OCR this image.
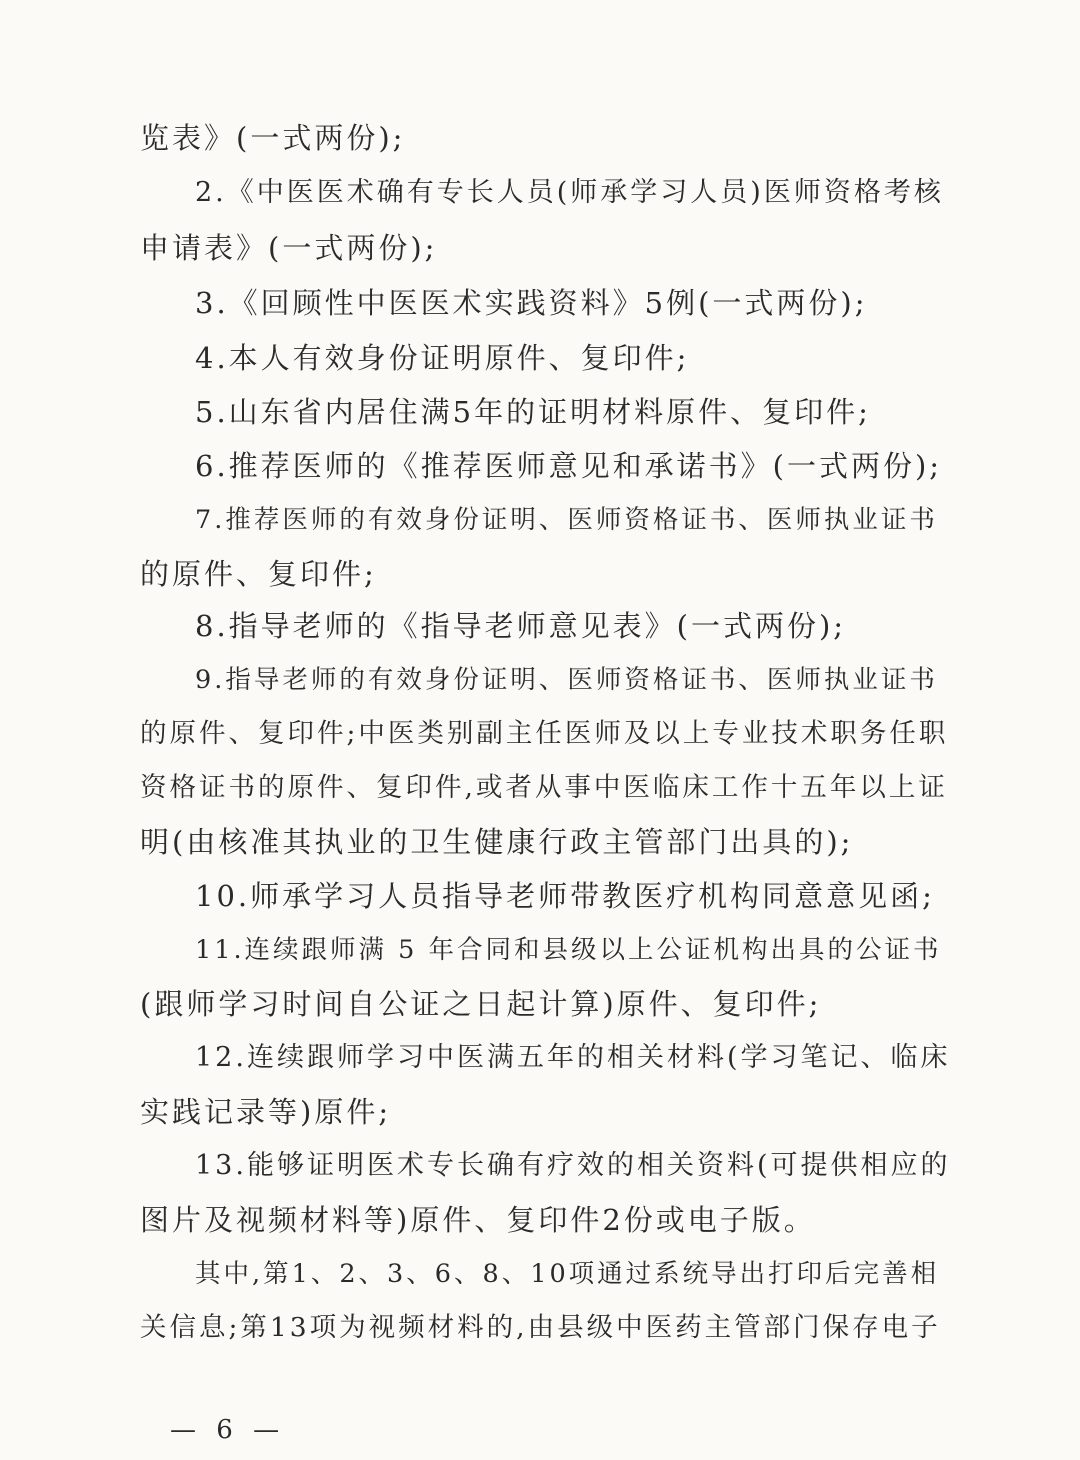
览表》(一式两份);
2.《中医医术确有专长人员(师承学习人员)医师资格考核
申请表》(一式两份);
3.《回顾性中医医术实践资料》5例(一式两份);
4.本人有效身份证明原件、复印件;
5.山东省内居住满5年的证明材料原件、复印件;
6.推荐医师的《推荐医师意见和承诺书》(一式两份);
7.推荐医师的有效身份证明、医师资格证书、医师执业证书
的原件、复印件;
8.指导老师的《指导老师意见表》(一式两份);
9.指导老师的有效身份证明、医师资格证书、医师执业证书
的原件、复印件;中医类别副主任医师及以上专业技术职务任职
资格证书的原件、复印件,或者从事中医临床工作十五年以上证
明(由核准其执业的卫生健康行政主管部门出具的);
10.师承学习人员指导老师带教医疗机构同意意见函;
11.连续跟师满 5 年合同和县级以上公证机构出具的公证书
(跟师学习时间自公证之日起计算)原件、复印件;
12.连续跟师学习中医满五年的相关材料(学习笔记、临床
实践记录等)原件;
13.能够证明医术专长确有疗效的相关资料(可提供相应的
图片及视频材料等)原件、复印件2份或电子版。
其中,第1、2、3、6、8、10项通过系统导出打印后完善相
关信息;第13项为视频材料的,由县级中医药主管部门保存电子
— 6 —
